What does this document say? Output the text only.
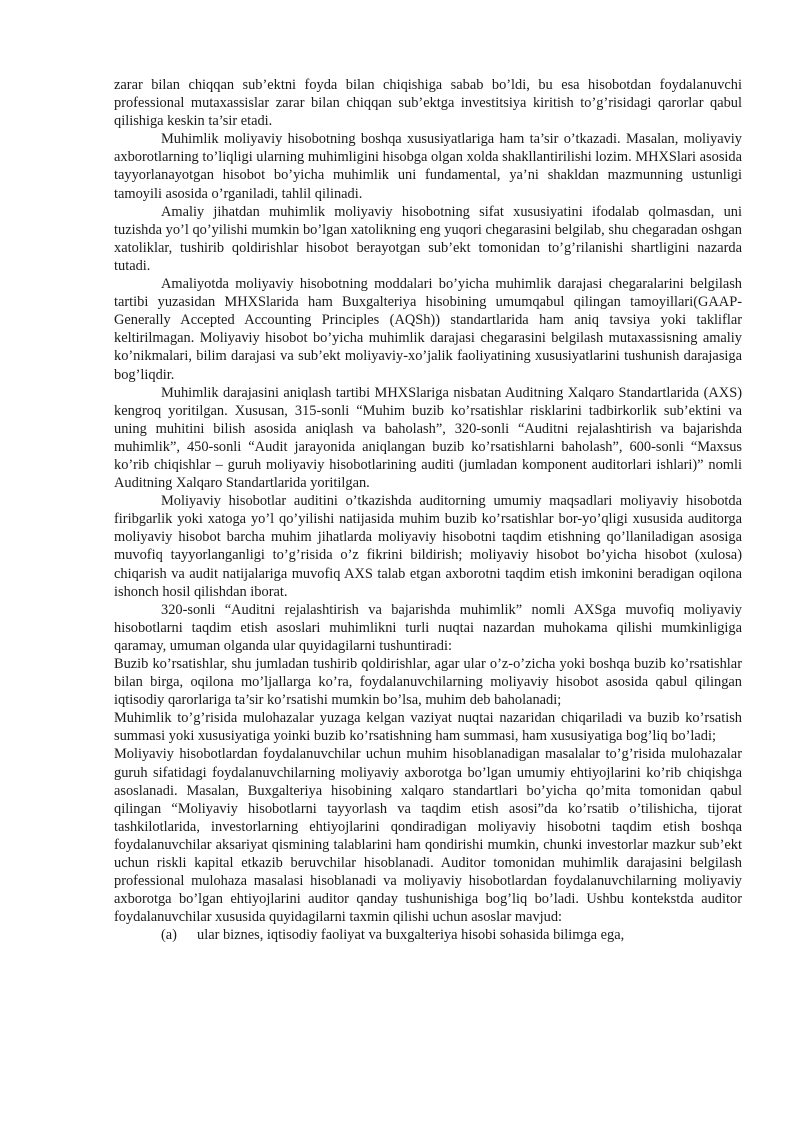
zarar bilan chiqqan sub’ektni foyda bilan chiqishiga sabab bo’ldi, bu esa hisobotdan foydalanuvchi professional mutaxassislar zarar bilan chiqqan sub’ektga investitsiya kiritish to’g’risidagi qarorlar qabul qilishiga keskin ta’sir etadi.

Muhimlik moliyaviy hisobotning boshqa xususiyatlariga ham ta’sir o’tkazadi. Masalan, moliyaviy axborotlarning to’liqligi ularning muhimligini hisobga olgan xolda shakllantirilishi lozim. MHXSlari asosida tayyorlanayotgan hisobot bo’yicha muhimlik uni fundamental, ya’ni shakldan mazmunning ustunligi tamoyili asosida o’rganiladi, tahlil qilinadi.

Amaliy jihatdan muhimlik moliyaviy hisobotning sifat xususiyatini ifodalab qolmasdan, uni tuzishda yo’l qo’yilishi mumkin bo’lgan xatolikning eng yuqori chegarasini belgilab, shu chegaradan oshgan xatoliklar, tushirib qoldirishlar hisobot berayotgan sub’ekt tomonidan to’g’rilanishi shartligini nazarda tutadi.

Amaliyotda moliyaviy hisobotning moddalari bo’yicha muhimlik darajasi chegaralarini belgilash tartibi yuzasidan MHXSlarida ham Buxgalteriya hisobining umumqabul qilingan tamoyillari(GAAP-Generally Accepted Accounting Principles (AQSh)) standartlarida ham aniq tavsiya yoki takliflar keltirilmagan. Moliyaviy hisobot bo’yicha muhimlik darajasi chegarasini belgilash mutaxassisning amaliy ko’nikmalari, bilim darajasi va sub’ekt moliyaviy-xo’jalik faoliyatining xususiyatlarini tushunish darajasiga bog’liqdir.

Muhimlik darajasini aniqlash tartibi MHXSlariga nisbatan Auditning Xalqaro Standartlarida (AXS) kengroq yoritilgan. Xususan, 315-sonli “Muhim buzib ko’rsatishlar risklarini tadbirkorlik sub’ektini va uning muhitini bilish asosida aniqlash va baholash”, 320-sonli “Auditni rejalashtirish va bajarishda muhimlik”, 450-sonli “Audit jarayonida aniqlangan buzib ko’rsatishlarni baholash”, 600-sonli “Maxsus ko’rib chiqishlar – guruh moliyaviy hisobotlarining auditi (jumladan komponent auditorlari ishlari)” nomli Auditning Xalqaro Standartlarida yoritilgan.

Moliyaviy hisobotlar auditini o’tkazishda auditorning umumiy maqsadlari moliyaviy hisobotda firibgarlik yoki xatoga yo’l qo’yilishi natijasida muhim buzib ko’rsatishlar bor-yo’qligi xususida auditorga moliyaviy hisobot barcha muhim jihatlarda moliyaviy hisobotni taqdim etishning qo’llaniladigan asosiga muvofiq tayyorlanganligi to’g’risida o’z fikrini bildirish; moliyaviy hisobot bo’yicha hisobot (xulosa) chiqarish va audit natijalariga muvofiq AXS talab etgan axborotni taqdim etish imkonini beradigan oqilona ishonch hosil qilishdan iborat.

320-sonli “Auditni rejalashtirish va bajarishda muhimlik” nomli AXSga muvofiq moliyaviy hisobotlarni taqdim etish asoslari muhimlikni turli nuqtai nazardan muhokama qilishi mumkinligiga qaramay, umuman olganda ular quyidagilarni tushuntiradi:

Buzib ko’rsatishlar, shu jumladan tushirib qoldirishlar, agar ular o’z-o’zicha yoki boshqa buzib ko’rsatishlar bilan birga, oqilona mo’ljallarga ko’ra, foydalanuvchilarning moliyaviy hisobot asosida qabul qilingan iqtisodiy qarorlariga ta’sir ko’rsatishi mumkin bo’lsa, muhim deb baholanadi;

Muhimlik to’g’risida mulohazalar yuzaga kelgan vaziyat nuqtai nazaridan chiqariladi va buzib ko’rsatish summasi yoki xususiyatiga yoinki buzib ko’rsatishning ham summasi, ham xususiyatiga bog’liq bo’ladi;

Moliyaviy hisobotlardan foydalanuvchilar uchun muhim hisoblanadigan masalalar to’g’risida mulohazalar guruh sifatidagi foydalanuvchilarning moliyaviy axborotga bo’lgan umumiy ehtiyojlarini ko’rib chiqishga asoslanadi. Masalan, Buxgalteriya hisobining xalqaro standartlari bo’yicha qo’mita tomonidan qabul qilingan “Moliyaviy hisobotlarni tayyorlash va taqdim etish asosi”da ko’rsatib o’tilishicha, tijorat tashkilotlarida, investorlarning ehtiyojlarini qondiradigan moliyaviy hisobotni taqdim etish boshqa foydalanuvchilar aksariyat qismining talablarini ham qondirishi mumkin, chunki investorlar mazkur sub’ekt uchun riskli kapital etkazib beruvchilar hisoblanadi. Auditor tomonidan muhimlik darajasini belgilash professional mulohaza masalasi hisoblanadi va moliyaviy hisobotlardan foydalanuvchilarning moliyaviy axborotga bo’lgan ehtiyojlarini auditor qanday tushunishiga bog’liq bo’ladi. Ushbu kontekstda auditor foydalanuvchilar xususida quyidagilarni taxmin qilishi uchun asoslar mavjud:

(a) ular biznes, iqtisodiy faoliyat va buxgalteriya hisobi sohasida bilimga ega,
